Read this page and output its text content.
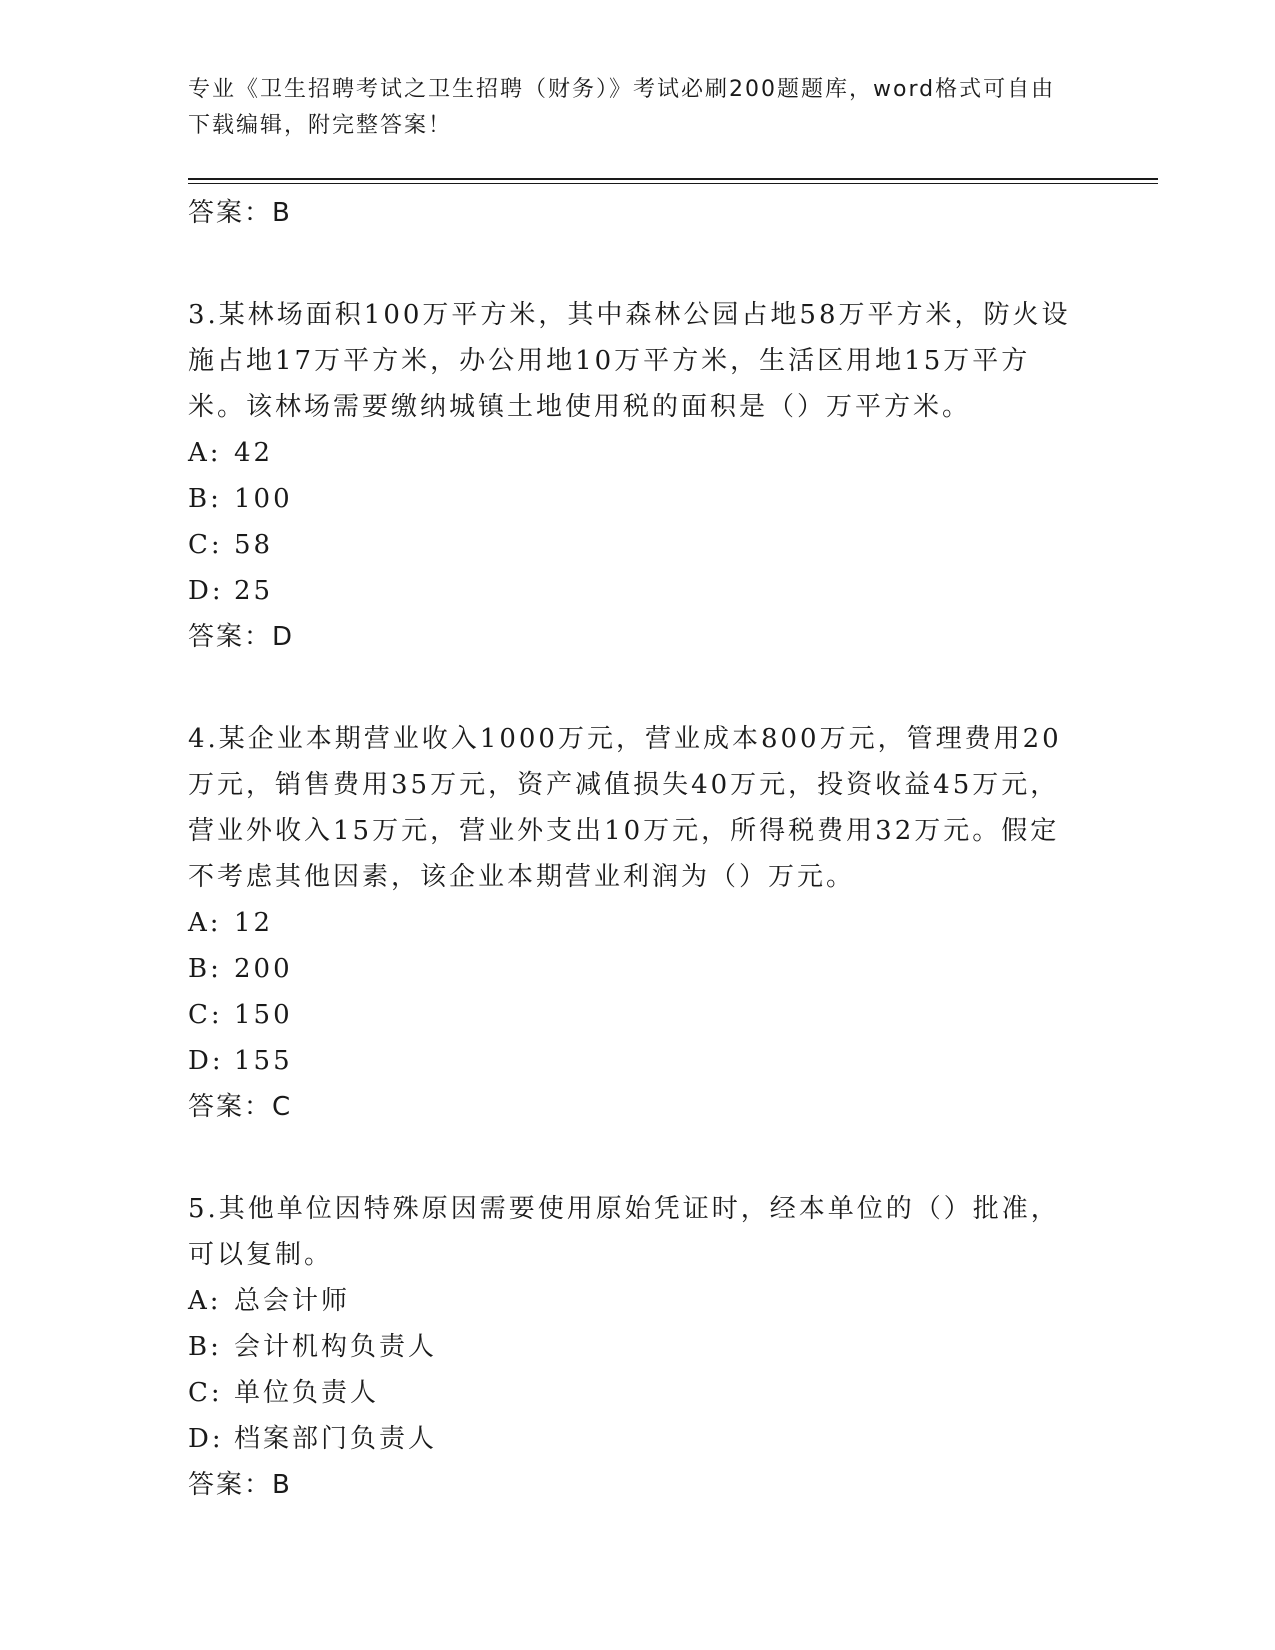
专业《卫生招聘考试之卫生招聘（财务）》考试必刷200题题库，word格式可自由下载编辑，附完整答案！
答案：B
3.某林场面积100万平方米，其中森林公园占地58万平方米，防火设施占地17万平方米，办公用地10万平方米，生活区用地15万平方米。该林场需要缴纳城镇土地使用税的面积是（）万平方米。
A: 42
B: 100
C: 58
D: 25
答案：D
4.某企业本期营业收入1000万元，营业成本800万元，管理费用20万元，销售费用35万元，资产减值损失40万元，投资收益45万元，营业外收入15万元，营业外支出10万元，所得税费用32万元。假定不考虑其他因素，该企业本期营业利润为（）万元。
A: 12
B: 200
C: 150
D: 155
答案：C
5.其他单位因特殊原因需要使用原始凭证时，经本单位的（）批准，可以复制。
A: 总会计师
B: 会计机构负责人
C: 单位负责人
D: 档案部门负责人
答案：B
